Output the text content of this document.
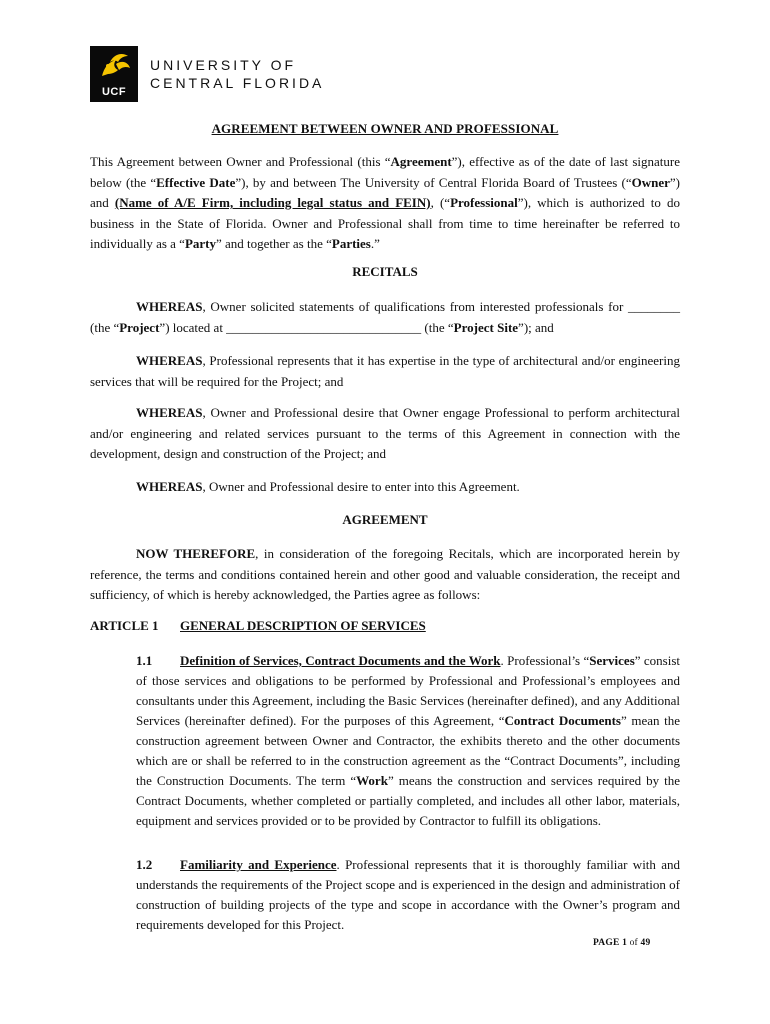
UCF
UNIVERSITY OF
CENTRAL FLORIDA
AGREEMENT BETWEEN OWNER AND PROFESSIONAL
This Agreement between Owner and Professional (this “Agreement”), effective as of the date of last signature below (the “Effective Date”), by and between The University of Central Florida Board of Trustees (“Owner”) and (Name of A/E Firm, including legal status and FEIN), (“Professional”), which is authorized to do business in the State of Florida. Owner and Professional shall from time to time hereinafter be referred to individually as a “Party” and together as the “Parties.”
RECITALS
WHEREAS, Owner solicited statements of qualifications from interested professionals for ________ (the “Project”) located at ______________________________ (the “Project Site”); and
WHEREAS, Professional represents that it has expertise in the type of architectural and/or engineering services that will be required for the Project; and
WHEREAS, Owner and Professional desire that Owner engage Professional to perform architectural and/or engineering and related services pursuant to the terms of this Agreement in connection with the development, design and construction of the Project; and
WHEREAS, Owner and Professional desire to enter into this Agreement.
AGREEMENT
NOW THEREFORE, in consideration of the foregoing Recitals, which are incorporated herein by reference, the terms and conditions contained herein and other good and valuable consideration, the receipt and sufficiency, of which is hereby acknowledged, the Parties agree as follows:
ARTICLE 1 GENERAL DESCRIPTION OF SERVICES
1.1 Definition of Services, Contract Documents and the Work. Professional’s “Services” consist of those services and obligations to be performed by Professional and Professional’s employees and consultants under this Agreement, including the Basic Services (hereinafter defined), and any Additional Services (hereinafter defined). For the purposes of this Agreement, “Contract Documents” mean the construction agreement between Owner and Contractor, the exhibits thereto and the other documents which are or shall be referred to in the construction agreement as the “Contract Documents”, including the Construction Documents. The term “Work” means the construction and services required by the Contract Documents, whether completed or partially completed, and includes all other labor, materials, equipment and services provided or to be provided by Contractor to fulfill its obligations.
1.2 Familiarity and Experience. Professional represents that it is thoroughly familiar with and understands the requirements of the Project scope and is experienced in the design and administration of construction of building projects of the type and scope in accordance with the Owner’s program and requirements developed for this Project.
PAGE 1 of 49
